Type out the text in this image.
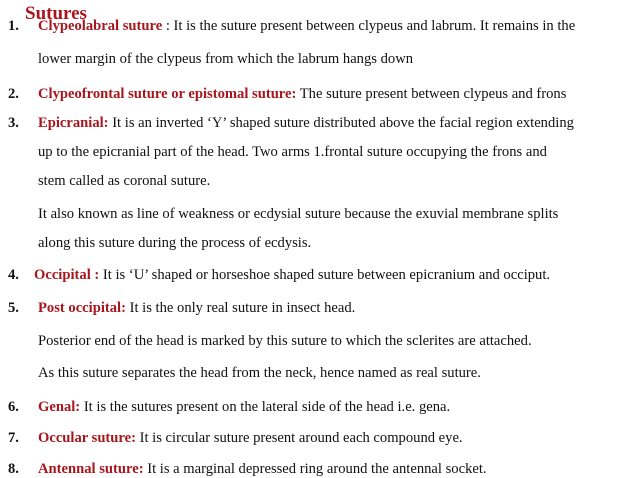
Sutures
1. Clypeolabral suture : It is the suture present between clypeus and labrum. It remains in the
lower margin of the clypeus from which the labrum hangs down
2. Clypeofrontal suture or epistomal suture: The suture present between clypeus and frons
3. Epicranial: It is an inverted ‘Y’ shaped suture distributed above the facial region extending
up to the epicranial part of the head. Two arms 1.frontal suture occupying the frons and
stem called as coronal suture.
It also known as line of weakness or ecdysial suture because the exuvial membrane splits
along this suture during the process of ecdysis.
4. Occipital : It is ‘U’ shaped or horseshoe shaped suture between epicranium and occiput.
5. Post occipital: It is the only real suture in insect head.
Posterior end of the head is marked by this suture to which the sclerites are attached.
As this suture separates the head from the neck, hence named as real suture.
6. Genal: It is the sutures present on the lateral side of the head i.e. gena.
7. Occular suture: It is circular suture present around each compound eye.
8. Antennal suture: It is a marginal depressed ring around the antennal socket.
